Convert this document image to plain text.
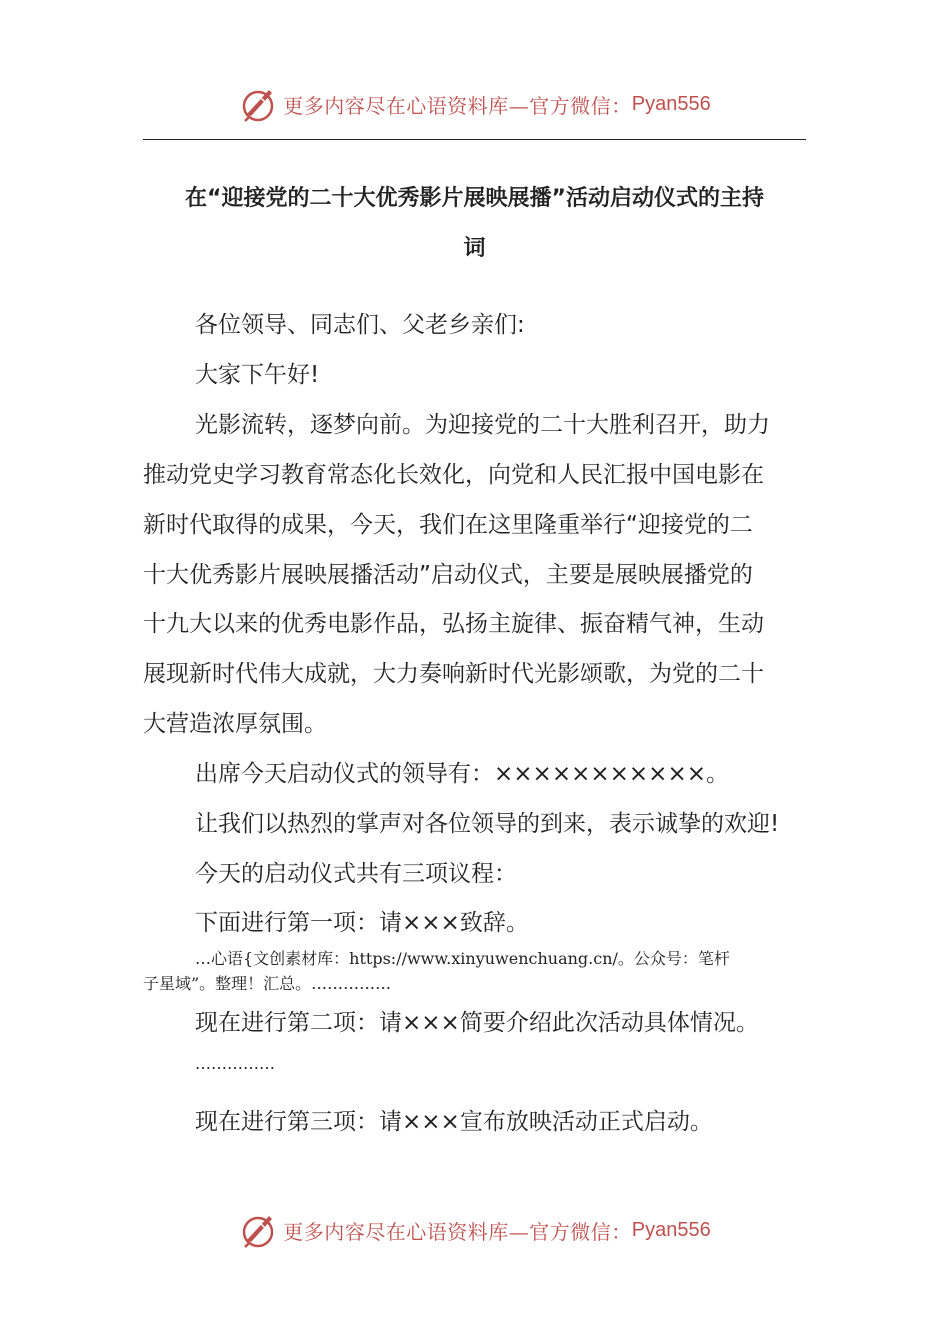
更多内容尽在心语资料库—官方微信： Pyan556
在“迎接党的二十大优秀影片展映展播”活动启动仪式的主持
词
各位领导、同志们、父老乡亲们:
大家下午好!
光影流转，逐梦向前。为迎接党的二十大胜利召开，助力
推动党史学习教育常态化长效化，向党和人民汇报中国电影在
新时代取得的成果，今天，我们在这里隆重举行“迎接党的二
十大优秀影片展映展播活动”启动仪式，主要是展映展播党的
十九大以来的优秀电影作品，弘扬主旋律、振奋精气神，生动
展现新时代伟大成就，大力奏响新时代光影颂歌，为党的二十
大营造浓厚氛围。
出席今天启动仪式的领导有：×××××××××××。
让我们以热烈的掌声对各位领导的到来，表示诚挚的欢迎!
今天的启动仪式共有三项议程：
下面进行第一项：请×××致辞。
…心语{文创素材库：https://www.xinyuwenchuang.cn/。公众号：笔杆
子星域”。整理！汇总。……………
现在进行第二项：请×××简要介绍此次活动具体情况。
……………
现在进行第三项：请×××宣布放映活动正式启动。
更多内容尽在心语资料库—官方微信： Pyan556
